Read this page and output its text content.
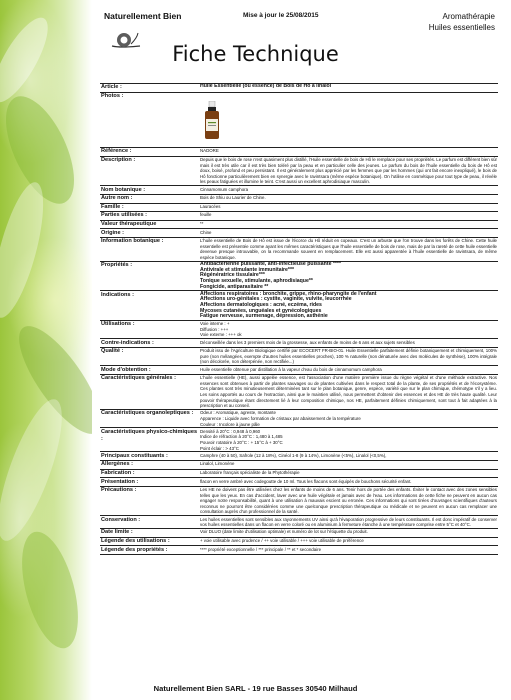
Naturellement Bien	Mise à jour le 25/08/2015	Aromathérapie
Huiles essentielles
Fiche Technique
Article :	Huile Essentielle (ou essence) de Bois de Hô à linalol
Photos :
Référence :	NADORE
Description :	Depuis que le bois de rose n'est quasiment plus distillé, l'Huile essentielle de bois de Hô le remplace pour ses propriétés. Le parfum est différent bien sûr mais il est très utile car il est très bien toléré par la peau et en particulier celle des jeunes. Le parfum du bois de l'huile essentielle du bois de Hô est doux, boisé, profond et peu persistant. Il est généralement plus apprécié par les femmes que par les hommes (qui ont fait encore inexpliqué), le bois de Hô fonctionne particulièrement bien en synergie avec le ravintsara (même espèce botanique). On l'utilise en cosmétique pour tout type de peau, il révèle les peaux fatiguées et illumine le teint. C'est aussi un excellent aphrodisiaque masculin.
Nom botanique :	Cinnamomum camphora
Autre nom :	Bois de Shiu ou Laurier de Chine.
Famille :	Lauracées
Parties utilisées :	feuille
Valeur thérapeutique	**
Origine :	Chine
Information botanique :	L'huile essentielle de Bois de Hô est issue de l'écorce du Hô réduit en copeaux. C'est un arbuste que l'on trouve dans les forêts de Chine. Cette huile essentielle est présentée comme ayant les mêmes caractéristiques que l'huile essentielle de bois de rose, mais de par la rareté de cette huile essentielle devenue presque introuvable, on la recommande souvent en remplacement. Elle est aussi apparentée à l'huile essentielle de ravintsara, de même espèce botanique.
Propriétés :	Antibactérienne puissante, anti-infectieuse puissante ****
Antivirale et stimulante immunitaire***
Régénératrice tissulaire***
Tonique sexuelle, stimulante, aphrodisiaque**
Fongicide, antiparasitaire **
Indications :	Affections respiratoires : bronchite, grippe, rhino-pharyngite de l'enfant
Affections uro-génitales : cystite, vaginite, vulvite, leucorrhée
Affections dermatologiques : acné, eczéma, rides
Mycoses cutanées, unguéales et gynécologiques
Fatigue nerveuse, surmenage, dépression, asthénie
Utilisations :	Voie interne : +
Diffusion : +++
Voie externe : +++ ok
Contre-indications :	Déconseillée dans les 3 premiers mois de la grossesse, aux enfants de moins de 6 ans et aux sujets sensibles
Qualité :	Produit issu de l'Agriculture Biologique certifié par ECOCERT FR-BIO-01. Huile Essentielle parfaitement définie botaniquement et chimiquement, 100% pure (non mélangées, exempte d'autres huiles essentielles proches), 100 % naturelle (non dénaturée avec des molécules de synthèse), 100% intégrale (non décolorée, non déterpénée, non rectifiée...)
Mode d'obtention :	Huile essentielle obtenue par distillation à la vapeur d'eau du bois de cinnamomum camphora
Caractéristiques générales :	L'huile essentielle (HE), aussi appelée essence, est l'association d'une matière première issue du règne végétal et d'une méthode extractive. Nos essences sont obtenues à partir de plantes sauvages ou de plantes cultivées dans le respect total de la plante, de ses propriétés et de l'écosystème. Ces plantes sont très minutieusement déterminées tant sur le plan botanique, genre, espèce, variété que sur le plan chimique, chémotype s'il y a lieu. Les soins apportés au cours de l'extraction, ainsi que le maintien utilisé, nous permettent d'obtenir des essences et des HE de très haute qualité. Leur pouvoir thérapeutique étant directement lié à leur composition chimique, nos HE, parfaitement définies chimiquement, sont tout à fait adaptées à la prescription et au conseil.
Caractéristiques organoleptiques :	Odeur : Aromatique, agreste, montante
Apparence : Liquide avec formation de cristaux par abaissement de la température
Couleur : Incolore à jaune pâle
Caractéristiques physico-chimiques :
Densité à 20°C : 0,948 à 0,960
Indice de réfraction à 20°C : 1,480 à 1,485
Pouvoir rotatoire à 20°C : + 15°C à + 30°C
Point éclair : > 43°C
Principaux constituants :	Camphre (40 à 50), Safrole (12 à 18%), Cinéol 1-8 (9 à 14%), Limonène (<5%), Linalol (<0,5%),
Allergènes :	Linalol, Limonène
Fabrication :	Laboratoire français spécialiste de la Phytothérapie
Présentation :	flacon en verre ambré avec codegoutte de 10 ml. Tous les flacons sont équipés de bouchons sécurité enfant.
Précautions :	Les HE ne doivent pas être utilisées chez les enfants de moins de 6 ans. Tenir hors de portée des enfants. Éviter le contact avec des zones sensibles telles que les yeux. En cas d'accident, laver avec une huile végétale et jamais avec de l'eau. Les informations de cette fiche ne peuvent en aucun cas engager notre responsabilité, quant à une utilisation à mauvais escient ou erronée. Ces informations qui sont tirées d'ouvrages scientifiques d'auteurs reconnus ne pourront être considérées comme une quelconque prescription thérapeutique ou médicale et ne peuvent en aucun cas remplacer une consultation auprès d'un professionnel de la santé.
Conservation :	Les huiles essentielles sont sensibles aux rayonnements UV ainsi qu'à l'évaporation progressive de leurs constituants. Il est donc impératif de conserver vos huiles essentielles dans un flacon en verre coloré ou en aluminium à fermeture étanche à une température comprise entre 5°C et 40°C.
Date limite :	Voir DLUO (date limite d'utilisation optimale) et numéro de lot sur l'étiquette du produit.
Légende des utilisations :	+ voie utilisable avec prudence / ++ voie utilisable / +++ voie utilisable de préférence
Légende des propriétés :	**** propriété exceptionnelle / *** principale / ** et * secondaire
Naturellement Bien SARL - 19 rue Basses 30540 Milhaud
